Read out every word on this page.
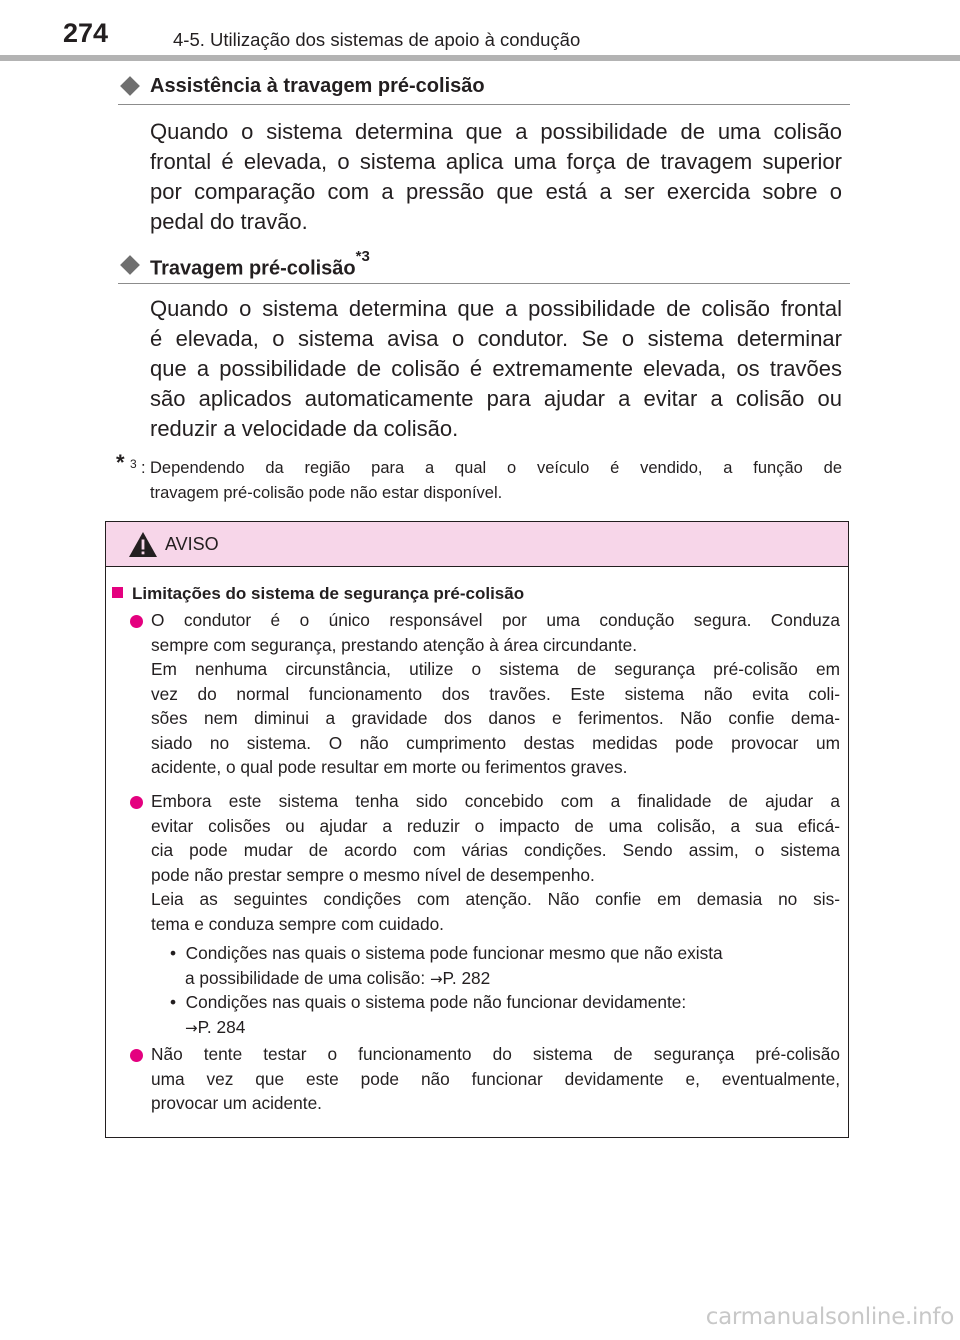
274	4-5. Utilização dos sistemas de apoio à condução
Assistência à travagem pré-colisão
Quando o sistema determina que a possibilidade de uma colisão
frontal é elevada, o sistema aplica uma força de travagem superior
por comparação com a pressão que está a ser exercida sobre o
pedal do travão.
Travagem pré-colisão$^{*3}$
Quando o sistema determina que a possibilidade de colisão frontal
é elevada, o sistema avisa o condutor. Se o sistema determinar
que a possibilidade de colisão é extremamente elevada, os travões
são aplicados automaticamente para ajudar a evitar a colisão ou
reduzir a velocidade da colisão.
* 3 : Dependendo da região para a qual o veículo é vendido, a função de
travagem pré-colisão pode não estar disponível.
AVISO
Limitações do sistema de segurança pré-colisão
O condutor é o único responsável por uma condução segura. Conduza
sempre com segurança, prestando atenção à área circundante.
Em nenhuma circunstância, utilize o sistema de segurança pré-colisão em
vez do normal funcionamento dos travões. Este sistema não evita coli-
sões nem diminui a gravidade dos danos e ferimentos. Não confie dema-
siado no sistema. O não cumprimento destas medidas pode provocar um
acidente, o qual pode resultar em morte ou ferimentos graves.
Embora este sistema tenha sido concebido com a finalidade de ajudar a
evitar colisões ou ajudar a reduzir o impacto de uma colisão, a sua eficá-
cia pode mudar de acordo com várias condições. Sendo assim, o sistema
pode não prestar sempre o mesmo nível de desempenho.
Leia as seguintes condições com atenção. Não confie em demasia no sis-
tema e conduza sempre com cuidado.
• Condições nas quais o sistema pode funcionar mesmo que não exista
a possibilidade de uma colisão: →P. 282
• Condições nas quais o sistema pode não funcionar devidamente:
→P. 284
Não tente testar o funcionamento do sistema de segurança pré-colisão
uma vez que este pode não funcionar devidamente e, eventualmente,
provocar um acidente.
carmanualsonline.info
